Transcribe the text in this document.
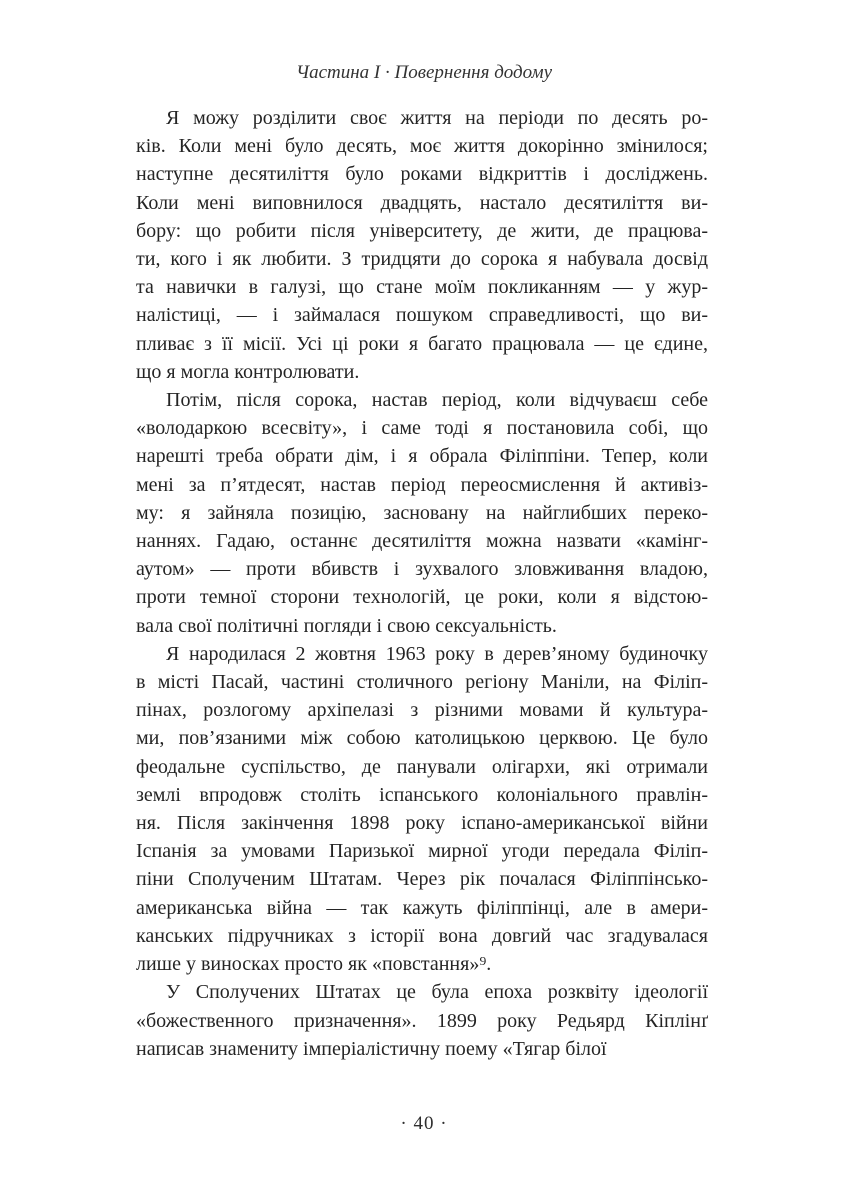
Частина I · Повернення додому
Я можу розділити своє життя на періоди по десять ро-
ків. Коли мені було десять, моє життя докорінно змінилося;
наступне десятиліття було роками відкриттів і досліджень.
Коли мені виповнилося двадцять, настало десятиліття ви-
бору: що робити після університету, де жити, де працюва-
ти, кого і як любити. З тридцяти до сорока я набувала досвід
та навички в галузі, що стане моїм покликанням — у жур-
налістиці, — і займалася пошуком справедливості, що ви-
пливає з її місії. Усі ці роки я багато працювала — це єдине,
що я могла контролювати.
Потім, після сорока, настав період, коли відчуваєш себе
«володаркою всесвіту», і саме тоді я постановила собі, що
нарешті треба обрати дім, і я обрала Філіппіни. Тепер, коли
мені за п’ятдесят, настав період переосмислення й активіз-
му: я зайняла позицію, засновану на найглибших переко-
наннях. Гадаю, останнє десятиліття можна назвати «камінг-
аутом» — проти вбивств і зухвалого зловживання владою,
проти темної сторони технологій, це роки, коли я відстою-
вала свої політичні погляди і свою сексуальність.
Я народилася 2 жовтня 1963 року в дерев’яному будиночку
в місті Пасай, частині столичного регіону Маніли, на Філіп-
пінах, розлогому архіпелазі з різними мовами й культура-
ми, пов’язаними між собою католицькою церквою. Це було
феодальне суспільство, де панували олігархи, які отримали
землі впродовж століть іспанського колоніального правлін-
ня. Після закінчення 1898 року іспано-американської війни
Іспанія за умовами Паризької мирної угоди передала Філіп-
піни Сполученим Штатам. Через рік почалася Філіппінсько-
американська війна — так кажуть філіппінці, але в амери-
канських підручниках з історії вона довгий час згадувалася
лише у виносках просто як «повстання»⁹.
У Сполучених Штатах це була епоха розквіту ідеології
«божественного призначення». 1899 року Редьярд Кіплінґ
написав знамениту імперіалістичну поему «Тягар білої
· 40 ·
